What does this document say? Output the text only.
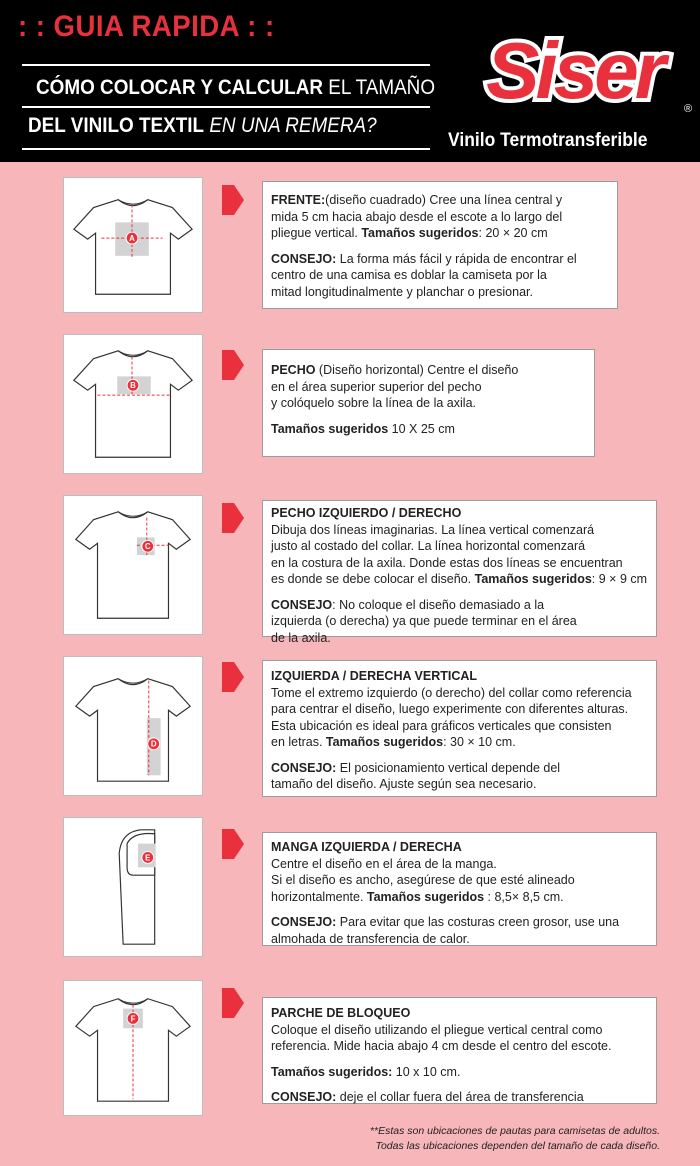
: : GUIA RAPIDA : :
CÓMO COLOCAR Y CALCULAR EL TAMAÑO
DEL VINILO TEXTIL EN UNA REMERA?
Siser	®
Vinilo Termotransferible
A

FRENTE:(diseño cuadrado) Cree una línea central y

mida 5 cm hacia abajo desde el escote a lo largo del

pliegue vertical. Tamaños sugeridos: 20 × 20 cm

CONSEJO: La forma más fácil y rápida de encontrar el

centro de una camisa es doblar la camiseta por la

mitad longitudinalmente y planchar o presionar.

B

PECHO (Diseño horizontal) Centre el diseño

en el área superior superior del pecho

y colóquelo sobre la línea de la axila.

Tamaños sugeridos 10 X 25 cm

C

PECHO IZQUIERDO / DERECHO

Dibuja dos líneas imaginarias. La línea vertical comenzará

justo al costado del collar. La línea horizontal comenzará

en la costura de la axila. Donde estas dos líneas se encuentran

es donde se debe colocar el diseño. Tamaños sugeridos: 9 × 9 cm

CONSEJO: No coloque el diseño demasiado a la

izquierda (o derecha) ya que puede terminar en el área

de la axila.

D

IZQUIERDA / DERECHA VERTICAL

Tome el extremo izquierdo (o derecho) del collar como referencia

para centrar el diseño, luego experimente con diferentes alturas.

Esta ubicación es ideal para gráficos verticales que consisten

en letras. Tamaños sugeridos: 30 × 10 cm.

CONSEJO: El posicionamiento vertical depende del

tamaño del diseño. Ajuste según sea necesario.

E

MANGA IZQUIERDA / DERECHA

Centre el diseño en el área de la manga.

Si el diseño es ancho, asegúrese de que esté alineado

horizontalmente. Tamaños sugeridos : 8,5× 8,5 cm.

CONSEJO: Para evitar que las costuras creen grosor, use una

almohada de transferencia de calor.

F	PARCHE DE BLOQUEO

Coloque el diseño utilizando el pliegue vertical central como

referencia. Mide hacia abajo 4 cm desde el centro del escote.

Tamaños sugeridos: 10 x 10 cm.

CONSEJO: deje el collar fuera del área de transferencia

**Estas son ubicaciones de pautas para camisetas de adultos.

Todas las ubicaciones dependen del tamaño de cada diseño.
